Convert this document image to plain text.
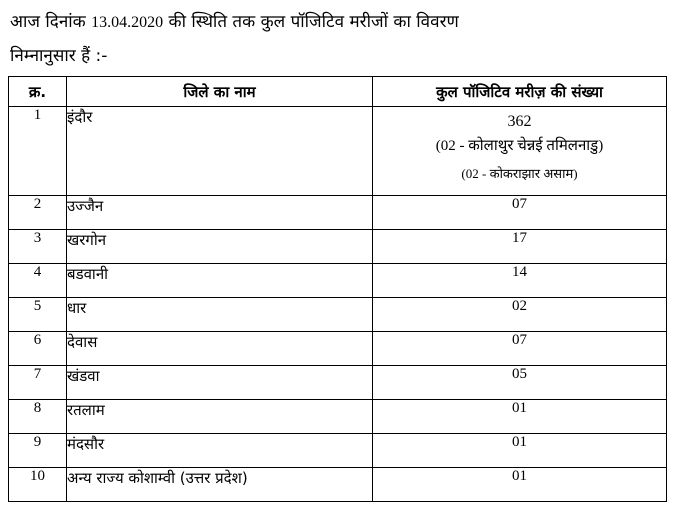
आज दिनांक 13.04.2020 की स्थिति तक कुल पॉजिटिव मरीजों का विवरण
निम्नानुसार हैं :-
क्र.	जिले का नाम	कुल पॉजिटिव मरीज़ की संख्या
1	इंदौर	362
(02 - कोलाथुर चेन्नई तमिलनाडु)
(02 - कोकराझार असाम)

2	उज्जैन	07
3	खरगोन	17
4	बडवानी	14
5	धार	02
6	देवास	07
7	खंडवा	05
8	रतलाम	01
9	मंदसौर	01
10	अन्य राज्य कोशाम्वी (उत्तर प्रदेश)	01
